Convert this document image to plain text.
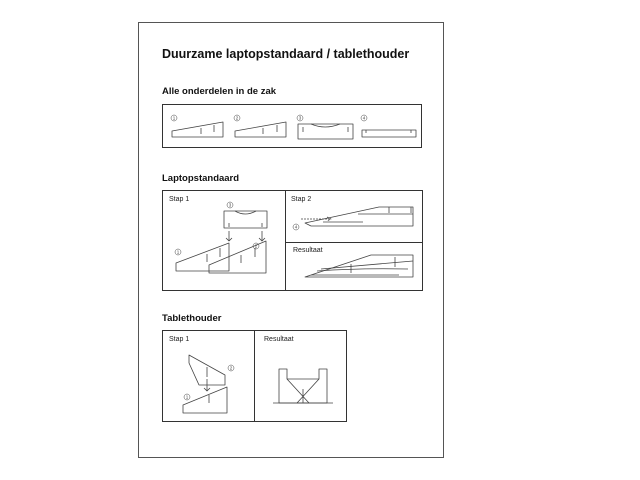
Duurzame laptopstandaard / tablethouder
Alle onderdelen in de zak
1	2	3	4
Laptopstandaard
Stap 1	Stap 2
Resultaat
3
1
2
4
Tablethouder
Stap 1	Resultaat
2
1
